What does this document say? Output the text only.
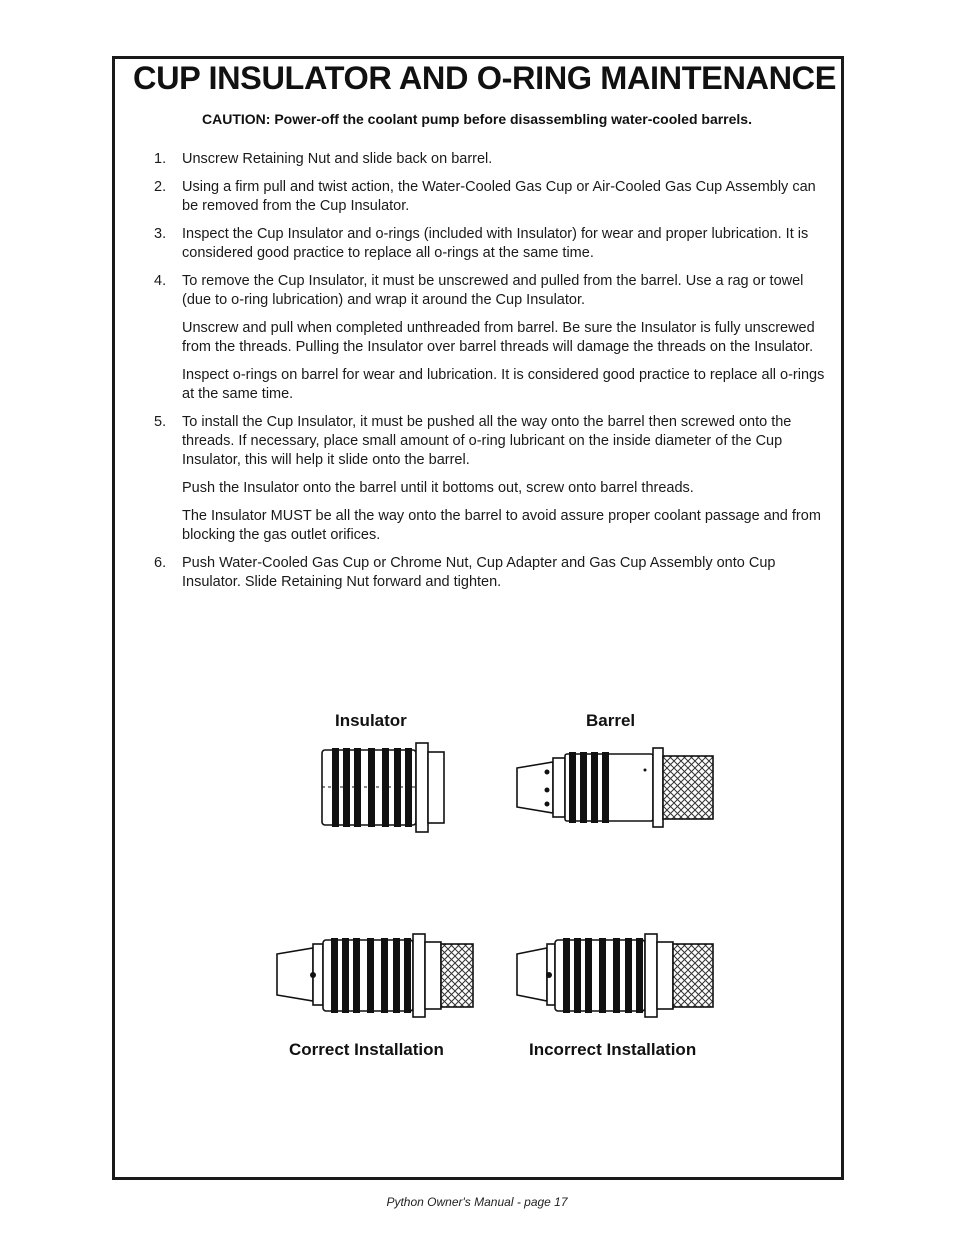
CUP INSULATOR AND O-RING MAINTENANCE
CAUTION: Power-off the coolant pump before disassembling water-cooled barrels.
1. Unscrew Retaining Nut and slide back on barrel.

2. Using a firm pull and twist action, the Water-Cooled Gas Cup or Air-Cooled Gas Cup Assembly can be removed from the Cup Insulator.

3. Inspect the Cup Insulator and o-rings (included with Insulator) for wear and proper lubrication. It is considered good practice to replace all o-rings at the same time.

4. To remove the Cup Insulator, it must be unscrewed and pulled from the barrel. Use a rag or towel (due to o-ring lubrication) and wrap it around the Cup Insulator.

Unscrew and pull when completed unthreaded from barrel. Be sure the Insulator is fully unscrewed from the threads. Pulling the Insulator over barrel threads will damage the threads on the Insulator.

Inspect o-rings on barrel for wear and lubrication. It is considered good practice to replace all o-rings at the same time.

5. To install the Cup Insulator, it must be pushed all the way onto the barrel then screwed onto the threads. If necessary, place small amount of o-ring lubricant on the inside diameter of the Cup Insulator, this will help it slide onto the barrel.

Push the Insulator onto the barrel until it bottoms out, screw onto barrel threads.

The Insulator MUST be all the way onto the barrel to avoid assure proper coolant passage and from blocking the gas outlet orifices.

6. Push Water-Cooled Gas Cup or Chrome Nut, Cup Adapter and Gas Cup Assembly onto Cup Insulator. Slide Retaining Nut forward and tighten.

Insulator	Barrel
Correct Installation	Incorrect Installation
Python Owner's Manual - page 17
